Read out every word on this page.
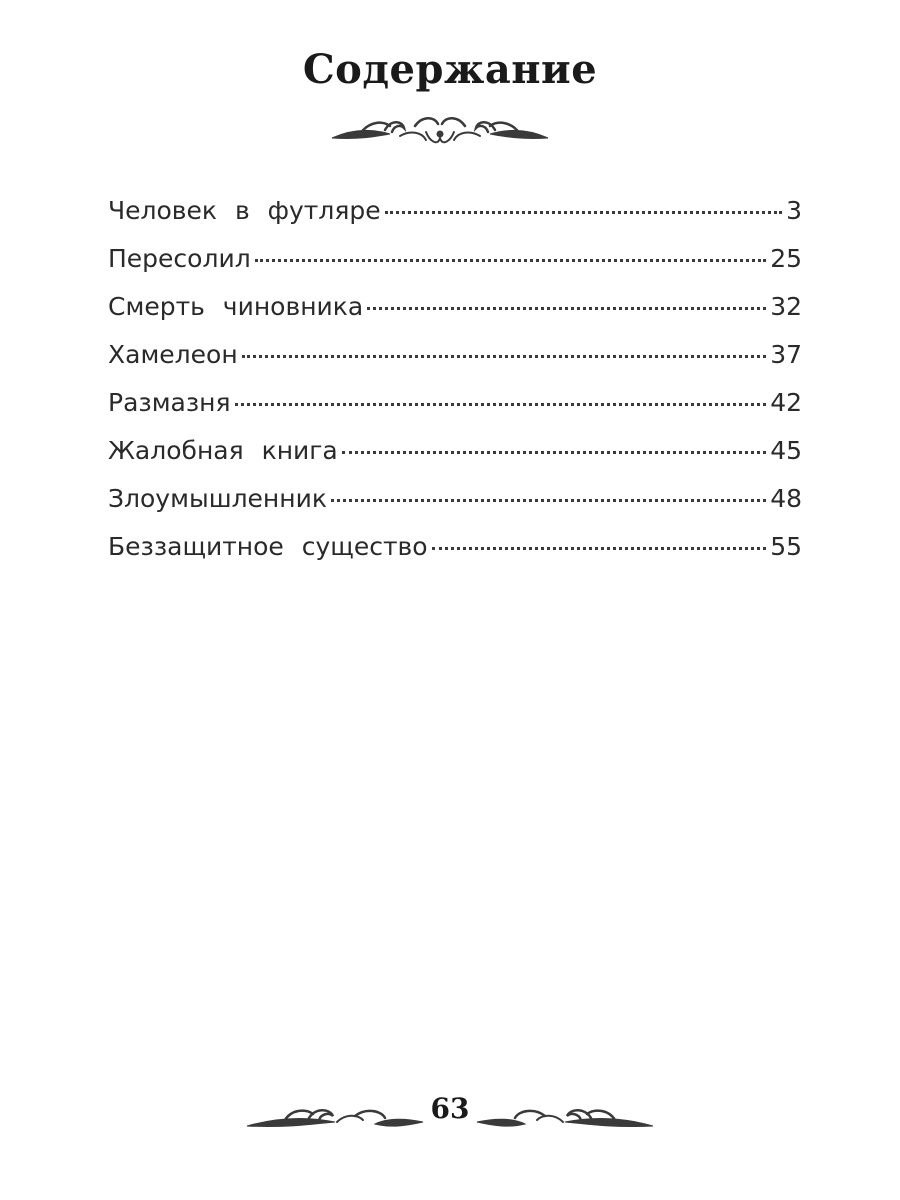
Содержание
Человек в футляре	3
Пересолил	25
Смерть чиновника	32
Хамелеон	37
Размазня	42
Жалобная книга	45
Злоумышленник	48
Беззащитное существо	55
63
